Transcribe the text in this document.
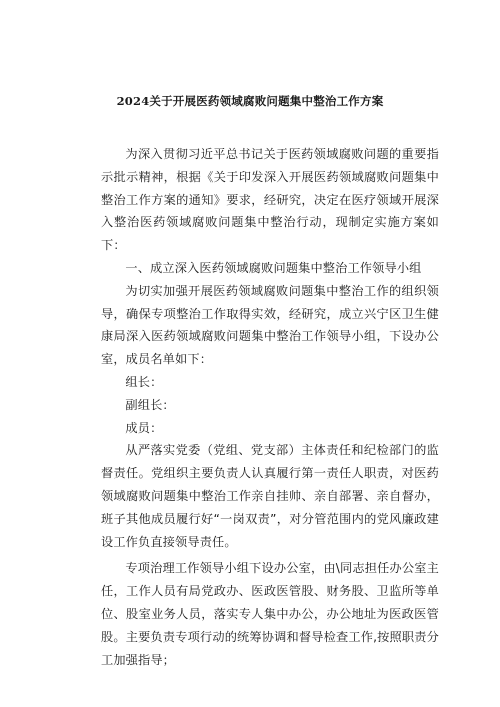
2024关于开展医药领域腐败问题集中整治工作方案

为深入贯彻习近平总书记关于医药领域腐败问题的重要指示批示精神，根据《关于印发深入开展医药领域腐败问题集中整治工作方案的通知》要求，经研究，决定在医疗领域开展深入整治医药领域腐败问题集中整治行动，现制定实施方案如下：

一、成立深入医药领域腐败问题集中整治工作领导小组

为切实加强开展医药领域腐败问题集中整治工作的组织领导，确保专项整治工作取得实效，经研究，成立兴宁区卫生健康局深入医药领域腐败问题集中整治工作领导小组，下设办公室，成员名单如下：

组长：

副组长：

成员：

从严落实党委（党组、党支部）主体责任和纪检部门的监督责任。党组织主要负责人认真履行第一责任人职责，对医药领域腐败问题集中整治工作亲自挂帅、亲自部署、亲自督办，班子其他成员履行好“一岗双责”，对分管范围内的党风廉政建设工作负直接领导责任。

专项治理工作领导小组下设办公室，由\同志担任办公室主任，工作人员有局党政办、医政医管股、财务股、卫监所等单位、股室业务人员，落实专人集中办公，办公地址为医政医管股。主要负责专项行动的统筹协调和督导检查工作,按照职责分工加强指导；
